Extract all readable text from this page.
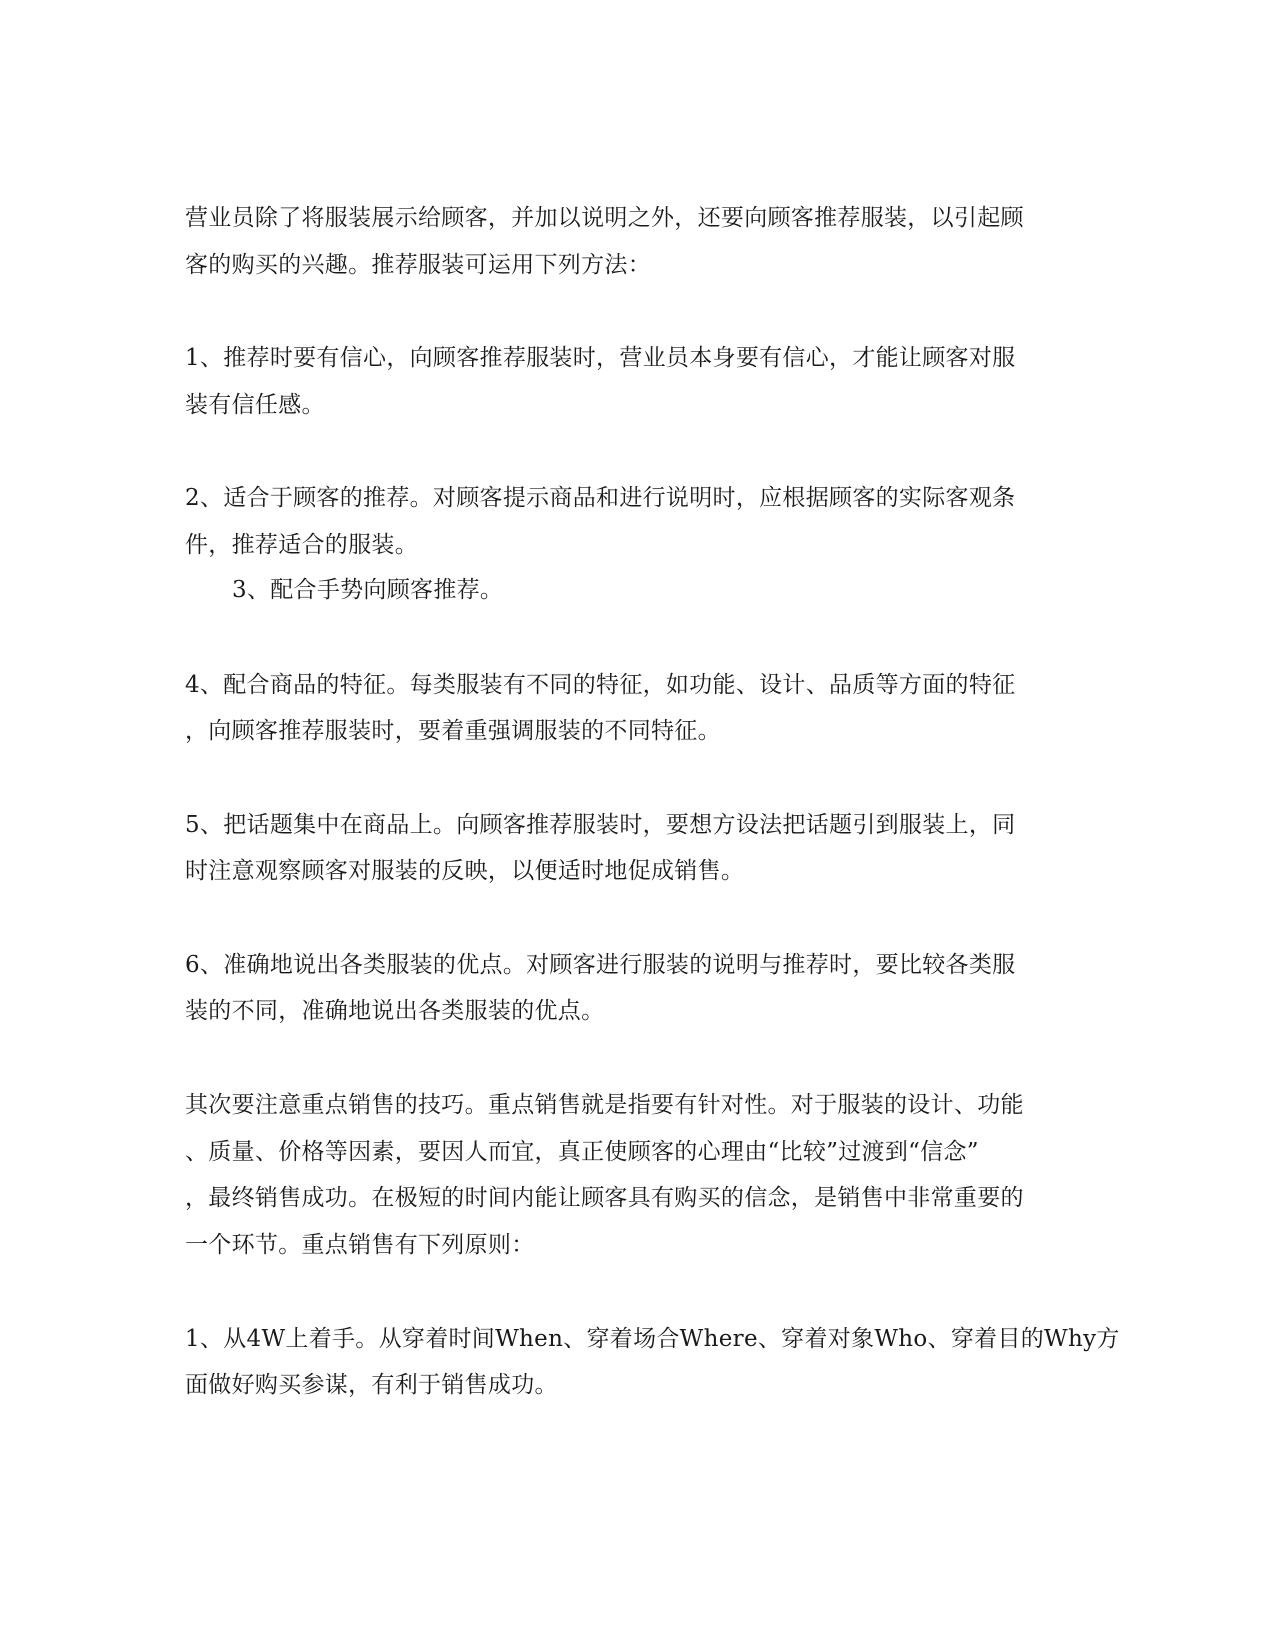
营业员除了将服装展示给顾客，并加以说明之外，还要向顾客推荐服装，以引起顾
客的购买的兴趣。推荐服装可运用下列方法：
1、推荐时要有信心，向顾客推荐服装时，营业员本身要有信心，才能让顾客对服
装有信任感。
2、适合于顾客的推荐。对顾客提示商品和进行说明时，应根据顾客的实际客观条
件，推荐适合的服装。
3、配合手势向顾客推荐。
4、配合商品的特征。每类服装有不同的特征，如功能、设计、品质等方面的特征
，向顾客推荐服装时，要着重强调服装的不同特征。
5、把话题集中在商品上。向顾客推荐服装时，要想方设法把话题引到服装上，同
时注意观察顾客对服装的反映，以便适时地促成销售。
6、准确地说出各类服装的优点。对顾客进行服装的说明与推荐时，要比较各类服
装的不同，准确地说出各类服装的优点。
其次要注意重点销售的技巧。重点销售就是指要有针对性。对于服装的设计、功能
、质量、价格等因素，要因人而宜，真正使顾客的心理由“比较”过渡到“信念”
，最终销售成功。在极短的时间内能让顾客具有购买的信念，是销售中非常重要的
一个环节。重点销售有下列原则：
1、从4W上着手。从穿着时间When、穿着场合Where、穿着对象Who、穿着目的Why方
面做好购买参谋，有利于销售成功。
